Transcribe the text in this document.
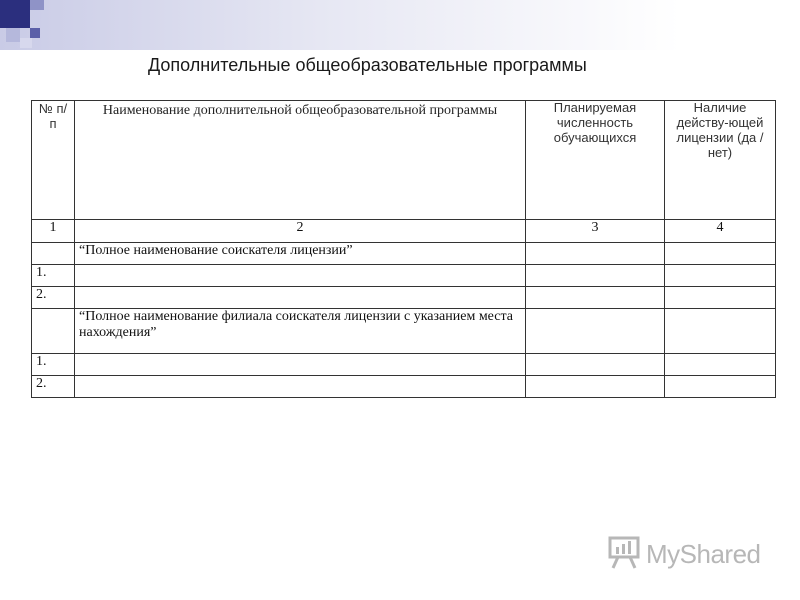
Дополнительные общеобразовательные программы
№ п/п	Наименование дополнительной общеобразовательной программы	Планируемая численность обучающихся	Наличие действу-ющей лицензии (да / нет)
1	2	3	4
	“Полное наименование соискателя лицензии”		
1.			
2.			
	“Полное наименование филиала соискателя лицензии с указанием места нахождения”		
1.			
2.			
MyShared
